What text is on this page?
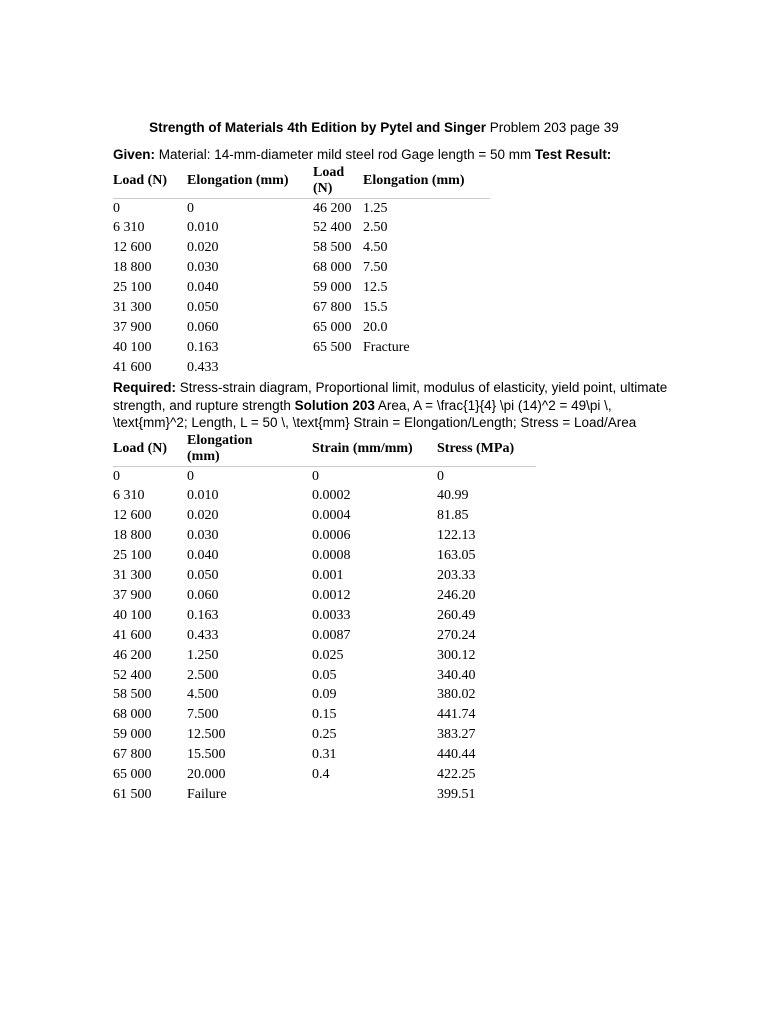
Strength of Materials 4th Edition by Pytel and Singer Problem 203 page 39
Given: Material: 14-mm-diameter mild steel rod Gage length = 50 mm Test Result:
Load (N)	Elongation (mm)	Load (N)	Elongation (mm)
0	0	46 200	1.25
6 310	0.010	52 400	2.50
12 600	0.020	58 500	4.50
18 800	0.030	68 000	7.50
25 100	0.040	59 000	12.5
31 300	0.050	67 800	15.5
37 900	0.060	65 000	20.0
40 100	0.163	65 500	Fracture
41 600	0.433		
Required: Stress-strain diagram, Proportional limit, modulus of elasticity, yield point, ultimate strength, and rupture strength Solution 203 Area, A = \frac{1}{4} \pi (14)^2 = 49\pi \, \text{mm}^2; Length, L = 50 \, \text{mm} Strain = Elongation/Length; Stress = Load/Area
Load (N)	Elongation (mm)	Strain (mm/mm)	Stress (MPa)
0	0	0	0
6 310	0.010	0.0002	40.99
12 600	0.020	0.0004	81.85
18 800	0.030	0.0006	122.13
25 100	0.040	0.0008	163.05
31 300	0.050	0.001	203.33
37 900	0.060	0.0012	246.20
40 100	0.163	0.0033	260.49
41 600	0.433	0.0087	270.24
46 200	1.250	0.025	300.12
52 400	2.500	0.05	340.40
58 500	4.500	0.09	380.02
68 000	7.500	0.15	441.74
59 000	12.500	0.25	383.27
67 800	15.500	0.31	440.44
65 000	20.000	0.4	422.25
61 500	Failure		399.51
